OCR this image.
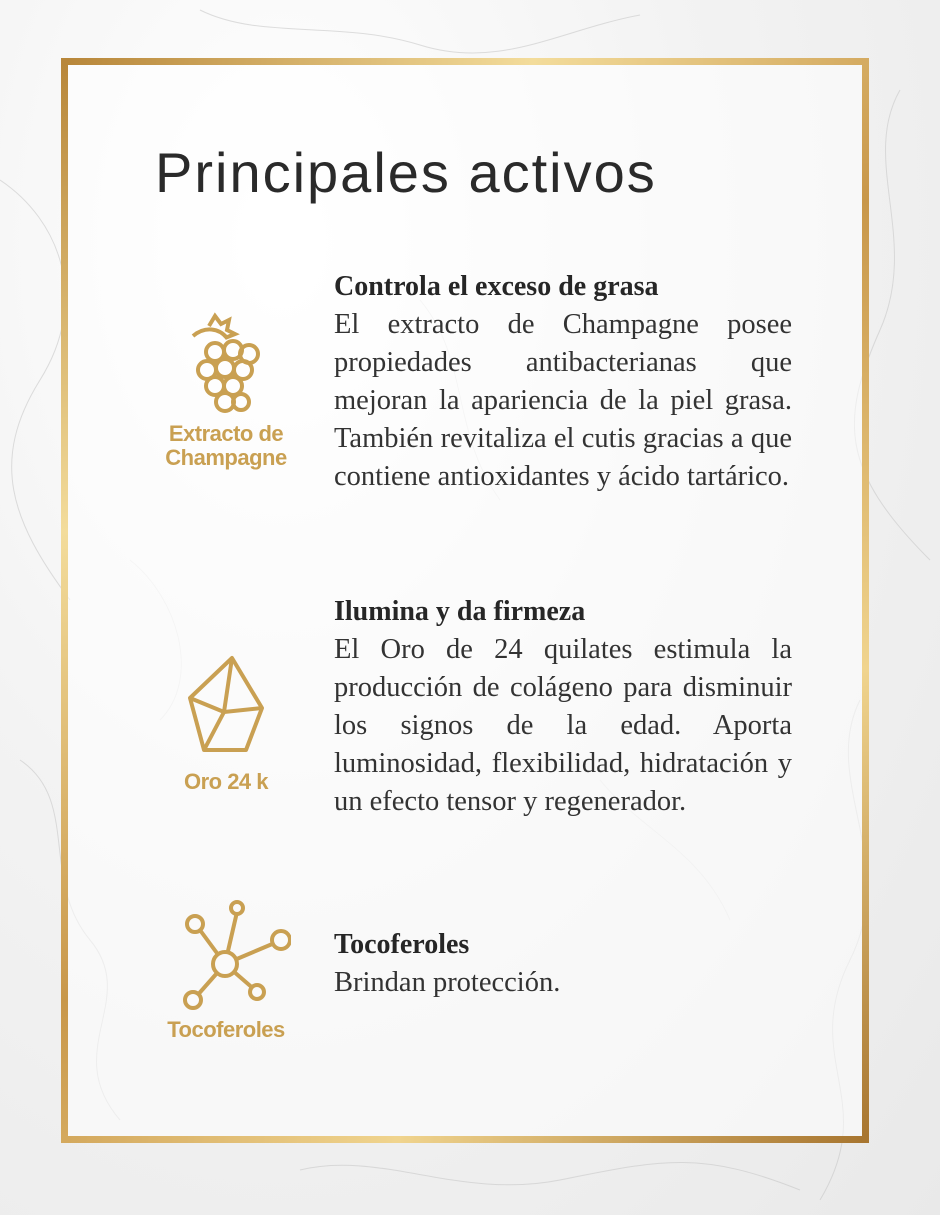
Principales activos
Extracto de
Champagne
Controla el exceso de grasa

El extracto de Champagne posee propiedades antibacterianas que mejoran la apariencia de la piel grasa. También revitaliza el cutis gracias a que contiene antioxidantes y ácido tartárico.

Oro 24 k
Ilumina y da firmeza

El Oro de 24 quilates estimula la producción de colágeno para disminuir los signos de la edad. Aporta luminosidad, flexibilidad, hidratación y un efecto tensor y regenerador.

Tocoferoles
Tocoferoles

Brindan protección.
